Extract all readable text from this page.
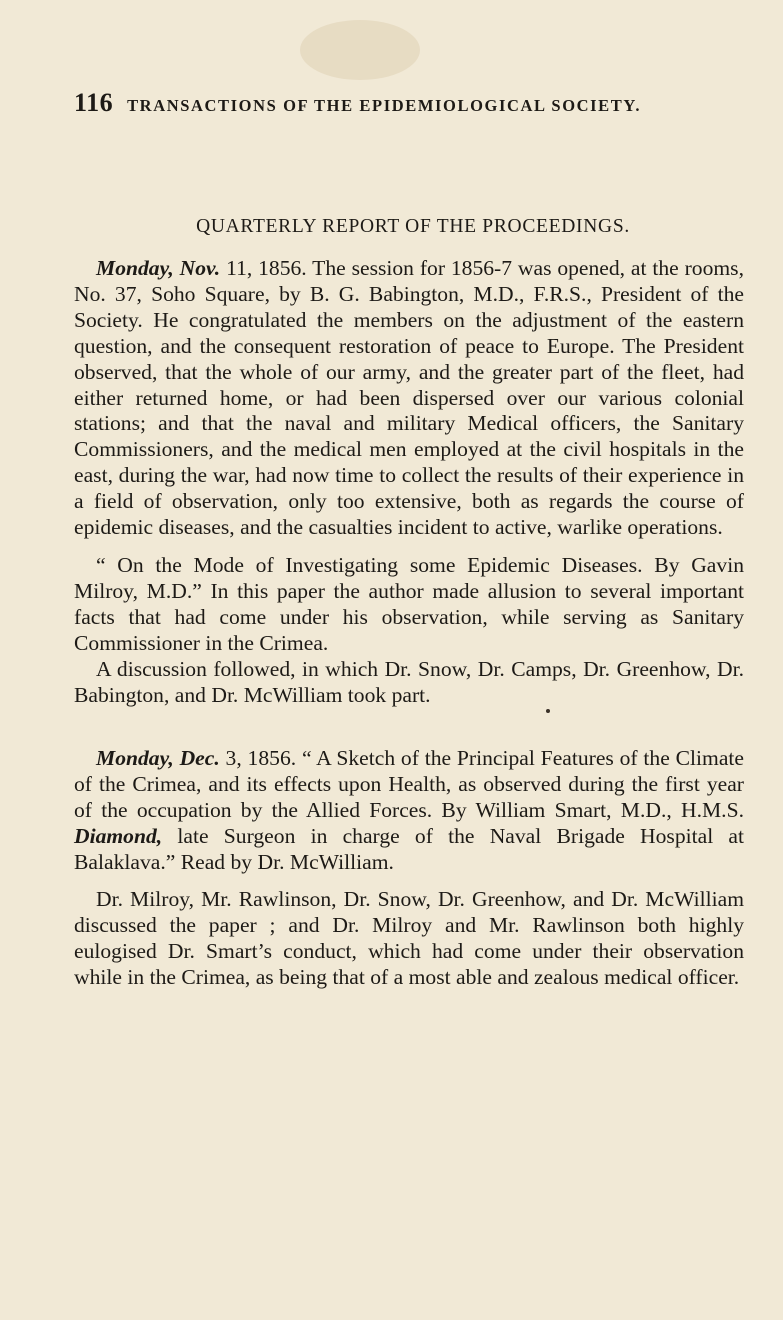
116 TRANSACTIONS OF THE EPIDEMIOLOGICAL SOCIETY.
QUARTERLY REPORT OF THE PROCEEDINGS.

Monday, Nov. 11, 1856. The session for 1856-7 was opened, at the rooms, No. 37, Soho Square, by B. G. Babington, M.D., F.R.S., President of the Society. He congratulated the members on the adjustment of the eastern question, and the consequent restoration of peace to Europe. The President observed, that the whole of our army, and the greater part of the fleet, had either returned home, or had been dispersed over our various colonial stations; and that the naval and military Medical officers, the Sanitary Commissioners, and the medical men employed at the civil hospitals in the east, during the war, had now time to collect the results of their experience in a field of observation, only too extensive, both as regards the course of epidemic diseases, and the casualties incident to active, warlike operations.

“ On the Mode of Investigating some Epidemic Diseases. By Gavin Milroy, M.D.” In this paper the author made allusion to several important facts that had come under his observation, while serving as Sanitary Commissioner in the Crimea.

A discussion followed, in which Dr. Snow, Dr. Camps, Dr. Greenhow, Dr. Babington, and Dr. McWilliam took part.

Monday, Dec. 3, 1856. “ A Sketch of the Principal Features of the Climate of the Crimea, and its effects upon Health, as observed during the first year of the occupation by the Allied Forces. By William Smart, M.D., H.M.S. Diamond, late Surgeon in charge of the Naval Brigade Hospital at Balaklava.” Read by Dr. McWilliam.

Dr. Milroy, Mr. Rawlinson, Dr. Snow, Dr. Greenhow, and Dr. McWilliam discussed the paper ; and Dr. Milroy and Mr. Rawlinson both highly eulogised Dr. Smart’s conduct, which had come under their observation while in the Crimea, as being that of a most able and zealous medical officer.
